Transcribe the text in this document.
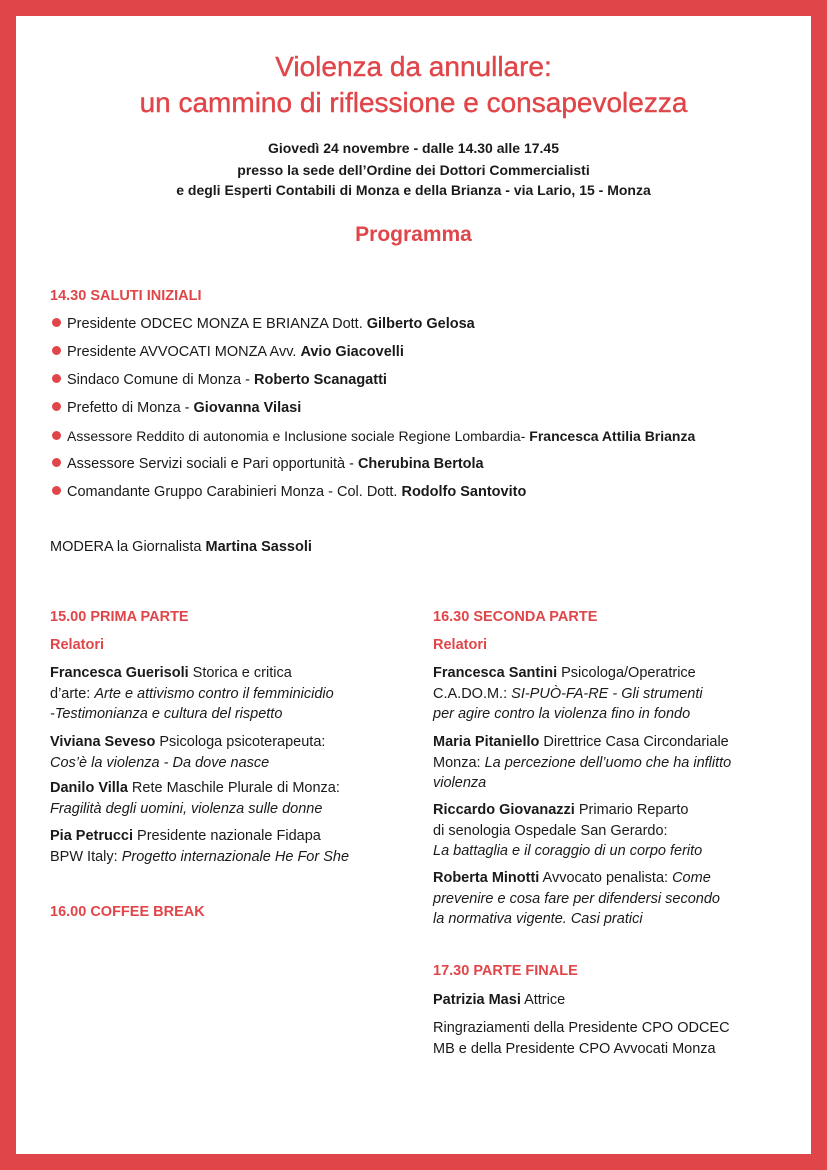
Violenza da annullare:
un cammino di riflessione e consapevolezza
Giovedì 24 novembre - dalle 14.30 alle 17.45
presso la sede dell’Ordine dei Dottori Commercialisti
e degli Esperti Contabili di Monza e della Brianza - via Lario, 15 - Monza
Programma
14.30 SALUTI INIZIALI
Presidente ODCEC MONZA E BRIANZA Dott. Gilberto Gelosa
Presidente AVVOCATI MONZA Avv. Avio Giacovelli
Sindaco Comune di Monza - Roberto Scanagatti
Prefetto di Monza - Giovanna Vilasi
Assessore Reddito di autonomia e Inclusione sociale Regione Lombardia- Francesca Attilia Brianza
Assessore Servizi sociali e Pari opportunità - Cherubina Bertola
Comandante Gruppo Carabinieri Monza - Col. Dott. Rodolfo Santovito
MODERA la Giornalista Martina Sassoli
15.00 PRIMA PARTE
Relatori
Francesca Guerisoli Storica e critica
d’arte: Arte e attivismo contro il femminicidio
-Testimonianza e cultura del rispetto
Viviana Seveso Psicologa psicoterapeuta:
Cos’è la violenza - Da dove nasce
Danilo Villa Rete Maschile Plurale di Monza:
Fragilità degli uomini, violenza sulle donne
Pia Petrucci Presidente nazionale Fidapa
BPW Italy: Progetto internazionale He For She
16.00 COFFEE BREAK
16.30 SECONDA PARTE
Relatori
Francesca Santini Psicologa/Operatrice
C.A.DO.M.: SI-PUÒ-FA-RE - Gli strumenti
per agire contro la violenza fino in fondo
Maria Pitaniello Direttrice Casa Circondariale
Monza: La percezione dell’uomo che ha inflitto
violenza
Riccardo Giovanazzi Primario Reparto
di senologia Ospedale San Gerardo:
La battaglia e il coraggio di un corpo ferito
Roberta Minotti Avvocato penalista: Come
prevenire e cosa fare per difendersi secondo
la normativa vigente. Casi pratici
17.30 PARTE FINALE
Patrizia Masi Attrice
Ringraziamenti della Presidente CPO ODCEC
MB e della Presidente CPO Avvocati Monza
